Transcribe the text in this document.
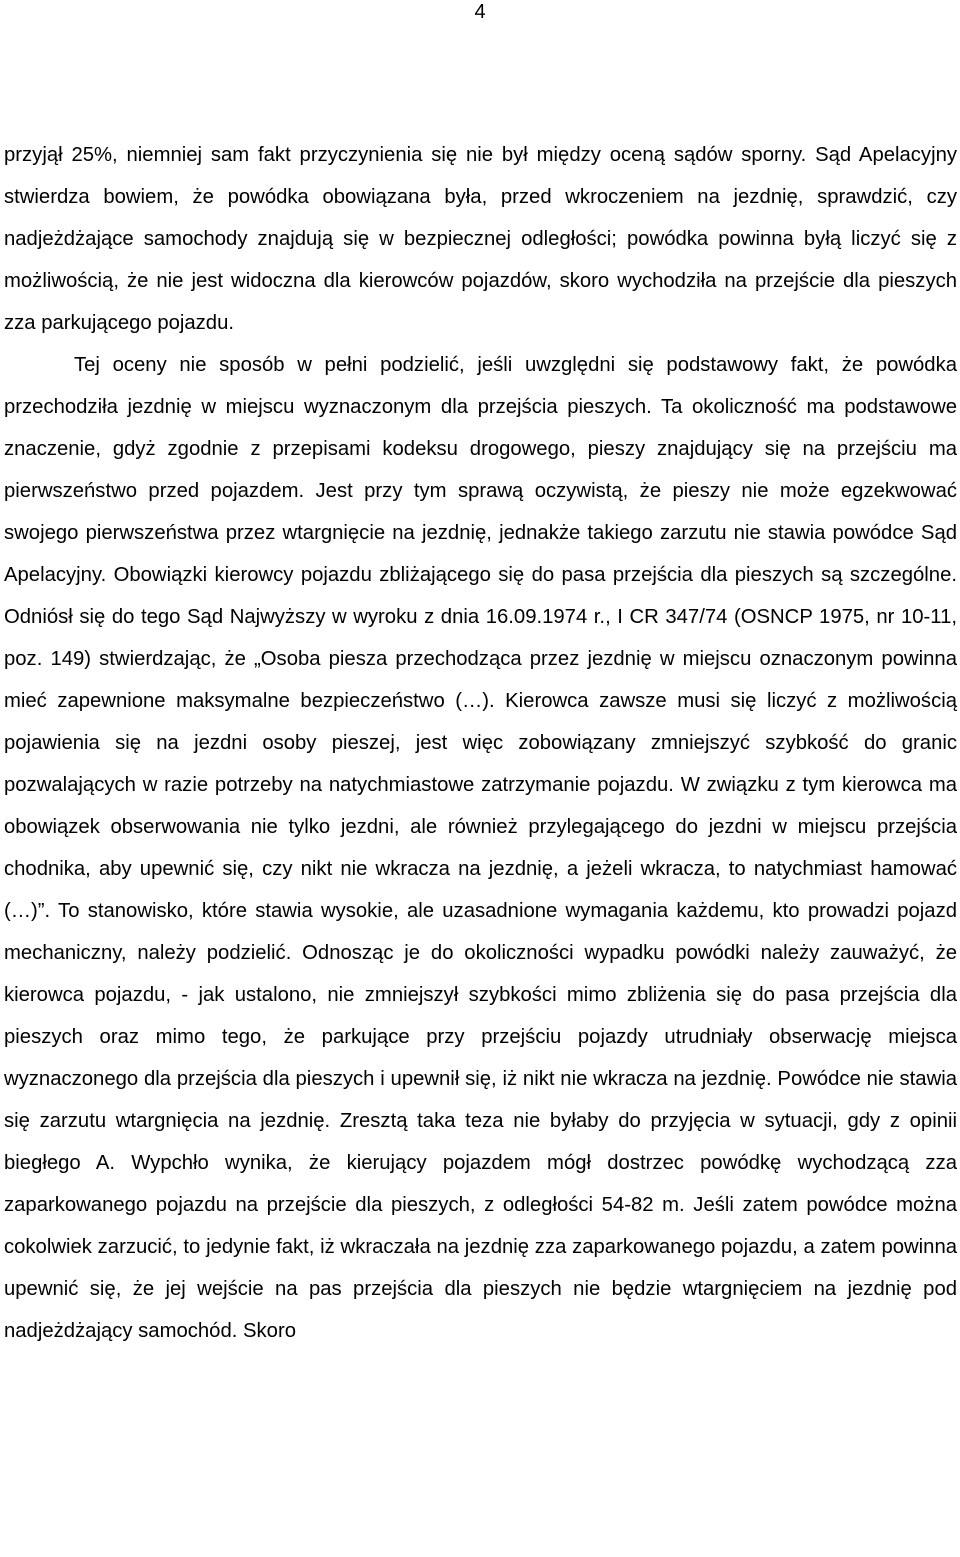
4

przyjął 25%, niemniej sam fakt przyczynienia się nie był między oceną sądów sporny. Sąd Apelacyjny stwierdza bowiem, że powódka obowiązana była, przed wkroczeniem na jezdnię, sprawdzić, czy nadjeżdżające samochody znajdują się w bezpiecznej odległości; powódka powinna byłą liczyć się z możliwością, że nie jest widoczna dla kierowców pojazdów, skoro wychodziła na przejście dla pieszych zza parkującego pojazdu.

Tej oceny nie sposób w pełni podzielić, jeśli uwzględni się podstawowy fakt, że powódka przechodziła jezdnię w miejscu wyznaczonym dla przejścia pieszych. Ta okoliczność ma podstawowe znaczenie, gdyż zgodnie z przepisami kodeksu drogowego, pieszy znajdujący się na przejściu ma pierwszeństwo przed pojazdem. Jest przy tym sprawą oczywistą, że pieszy nie może egzekwować swojego pierwszeństwa przez wtargnięcie na jezdnię, jednakże takiego zarzutu nie stawia powódce Sąd Apelacyjny. Obowiązki kierowcy pojazdu zbliżającego się do pasa przejścia dla pieszych są szczególne. Odniósł się do tego Sąd Najwyższy w wyroku z dnia 16.09.1974 r., I CR 347/74 (OSNCP 1975, nr 10-11, poz. 149) stwierdzając, że „Osoba piesza przechodząca przez jezdnię w miejscu oznaczonym powinna mieć zapewnione maksymalne bezpieczeństwo (…). Kierowca zawsze musi się liczyć z możliwością pojawienia się na jezdni osoby pieszej, jest więc zobowiązany zmniejszyć szybkość do granic pozwalających w razie potrzeby na natychmiastowe zatrzymanie pojazdu. W związku z tym kierowca ma obowiązek obserwowania nie tylko jezdni, ale również przylegającego do jezdni w miejscu przejścia chodnika, aby upewnić się, czy nikt nie wkracza na jezdnię, a jeżeli wkracza, to natychmiast hamować (…)”. To stanowisko, które stawia wysokie, ale uzasadnione wymagania każdemu, kto prowadzi pojazd mechaniczny, należy podzielić. Odnosząc je do okoliczności wypadku powódki należy zauważyć, że kierowca pojazdu, - jak ustalono, nie zmniejszył szybkości mimo zbliżenia się do pasa przejścia dla pieszych oraz mimo tego, że parkujące przy przejściu pojazdy utrudniały obserwację miejsca wyznaczonego dla przejścia dla pieszych i upewnił się, iż nikt nie wkracza na jezdnię. Powódce nie stawia się zarzutu wtargnięcia na jezdnię. Zresztą taka teza nie byłaby do przyjęcia w sytuacji, gdy z opinii biegłego A. Wypchło wynika, że kierujący pojazdem mógł dostrzec powódkę wychodzącą zza zaparkowanego pojazdu na przejście dla pieszych, z odległości 54-82 m. Jeśli zatem powódce można cokolwiek zarzucić, to jedynie fakt, iż wkraczała na jezdnię zza zaparkowanego pojazdu, a zatem powinna upewnić się, że jej wejście na pas przejścia dla pieszych nie będzie wtargnięciem na jezdnię pod nadjeżdżający samochód. Skoro
